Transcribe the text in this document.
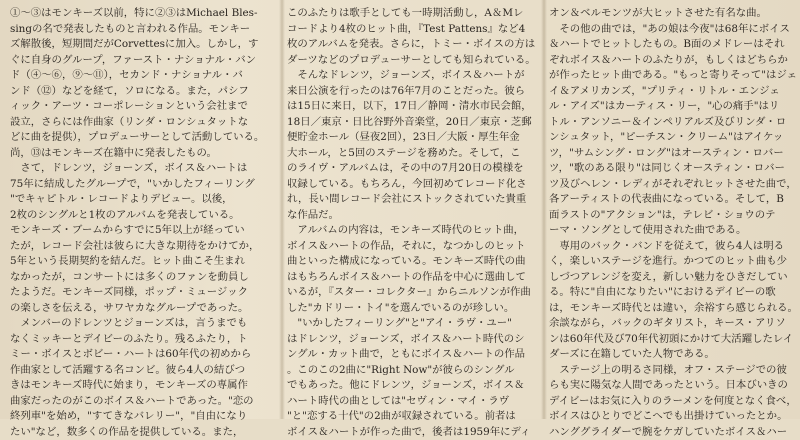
①〜③はモンキーズ以前，特に②③はMichael Bles-

singの名で発表したものと言われる作品。モンキー

ズ解散後，短期間だがCorvettesに加入。しかし，す

ぐに自身のグループ，ファースト・ナショナル・バン

ド（④〜⑥，⑨〜⑪），セカンド・ナショナル・バ

ンド（⑫）などを経て，ソロになる。また，パシフ

ィック・アーツ・コーポレーションという会社まで

設立，さらには作曲家（リンダ・ロンシュタットな

どに曲を提供），プロデューサーとして活動している。

尚，⑬はモンキーズ在籍中に発表したもの。

　さて，ドレンツ，ジョーンズ，ボイス＆ハートは

75年に結成したグループで，"いかしたフィーリング

"でキャピトル・レコードよりデビュー。以後，

2枚のシングルと1枚のアルバムを発表している。

モンキーズ・ブームからすでに5年以上が経ってい

たが，レコード会社は彼らに大きな期待をかけてか，

5年という長期契約を結んだ。ヒット曲こそ生まれ

なかったが，コンサートには多くのファンを動員し

たようだ。モンキーズ同様，ポップ・ミュージック

の楽しさを伝える，サワヤカなグループであった。

　メンバーのドレンツとジョーンズは，言うまでも

なくミッキーとデイビーのふたり。残るふたり，ト

ミー・ボイスとボビー・ハートは60年代の初めから

作曲家として活躍する名コンビ。彼ら4人の結びつ

きはモンキーズ時代に始まり，モンキーズの専属作

曲家だったのがこのボイス＆ハートであった。"恋の

終列車"を始め，"すてきなバレリー"，"自由になり

たい"など，数多くの作品を提供している。また，

このふたりは歌手としても一時期活動し，A＆Mレ

コードより4枚のヒット曲，『Test Pattens』など4

枚のアルバムを発表。さらに，トミー・ボイスの方は

ダーツなどのプロデューサーとしても知られている。

　そんなドレンツ，ジョーンズ，ボイス＆ハートが

来日公演を行ったのは76年7月のことだった。彼ら

は15日に来日，以下，17日／静岡・清水市民会館，

18日／東京・日比谷野外音楽堂，20日／東京・芝郵

便貯金ホール（昼夜2回），23日／大阪・厚生年金

大ホール，と5回のステージを務めた。そして，こ

のライヴ・アルバムは，その中の7月20日の模様を

収録している。もちろん，今回初めてレコード化さ

れ，長い間レコード会社にストックされていた貴重

な作品だ。

　アルバムの内容は，モンキーズ時代のヒット曲，

ボイス＆ハートの作品，それに，なつかしのヒット

曲といった構成になっている。モンキーズ時代の曲

はもちろんボイス＆ハートの作品を中心に選曲して

いるが，『スター・コレクター』からニルソンが作曲

した"カドリー・トイ"を選んでいるのが珍しい。

　"いかしたフィーリング"と"アイ・ラヴ・ユー"

はドレンツ，ジョーンズ，ボイス＆ハート時代のシ

ングル・カット曲で，ともにボイス＆ハートの作品

。このこの2曲に"Right Now"が彼らのシングル

でもあった。他にドレンツ，ジョーンズ，ボイス＆

ハート時代の曲としては"セヴィン・マイ・ラヴ

"と"恋する十代"の2曲が収録されている。前者は

ボイス＆ハートが作った曲で，後者は1959年にディ

オン＆ベルモンツが大ヒットさせた有名な曲。

　その他の曲では，"あの娘は今夜"は68年にボイス

＆ハートでヒットしたもの。B面のメドレーはそれ

ぞれボイス＆ハートのふたりが，もしくはどちらか

が作ったヒット曲である。"もっと寄りそって"はジェ

イ＆アメリカンズ，"プリティ・リトル・エンジェ

ル・アイズ"はカーティス・リー，"心の痛手"はリ

トル・アンソニー＆インペリアルズ及びリンダ・ロ

ンシュタット，"ピーチスン・クリーム"はアイケッ

ツ，"サムシング・ロング"はオースティン・ロバー

ツ，"歌のある限り"は同じくオースティン・ロバー

ツ及びヘレン・レディがそれぞれヒットさせた曲で，

各アーティストの代表曲になっている。そして，B

面ラストの"アクション"は，テレビ・ショウのテ

ーマ・ソングとして使用された曲である。

　専用のバック・バンドを従えて，彼ら4人は明る

く，楽しいステージを進行。かつてのヒット曲も少

しづつアレンジを変え，新しい魅力をひきだしてい

る。特に"自由になりたい"におけるデイビーの歌

は，モンキーズ時代とは違い，余裕すら感じられる。

余談ながら，バックのギタリスト，キース・アリソ

ンは60年代及び70年代初頭にかけて大活躍したレイ

ダーズに在籍していた人物である。

　ステージ上の明るさ同様，オフ・ステージでの彼

らも実に陽気な人間であったという。日本びいきの

デイビーはお気に入りのラーメンを何度となく食べ，

ボイスはひとりでどこへでも出掛けていったとか。

ハンググライダーで腕をケガしていたボイス＆ハー
